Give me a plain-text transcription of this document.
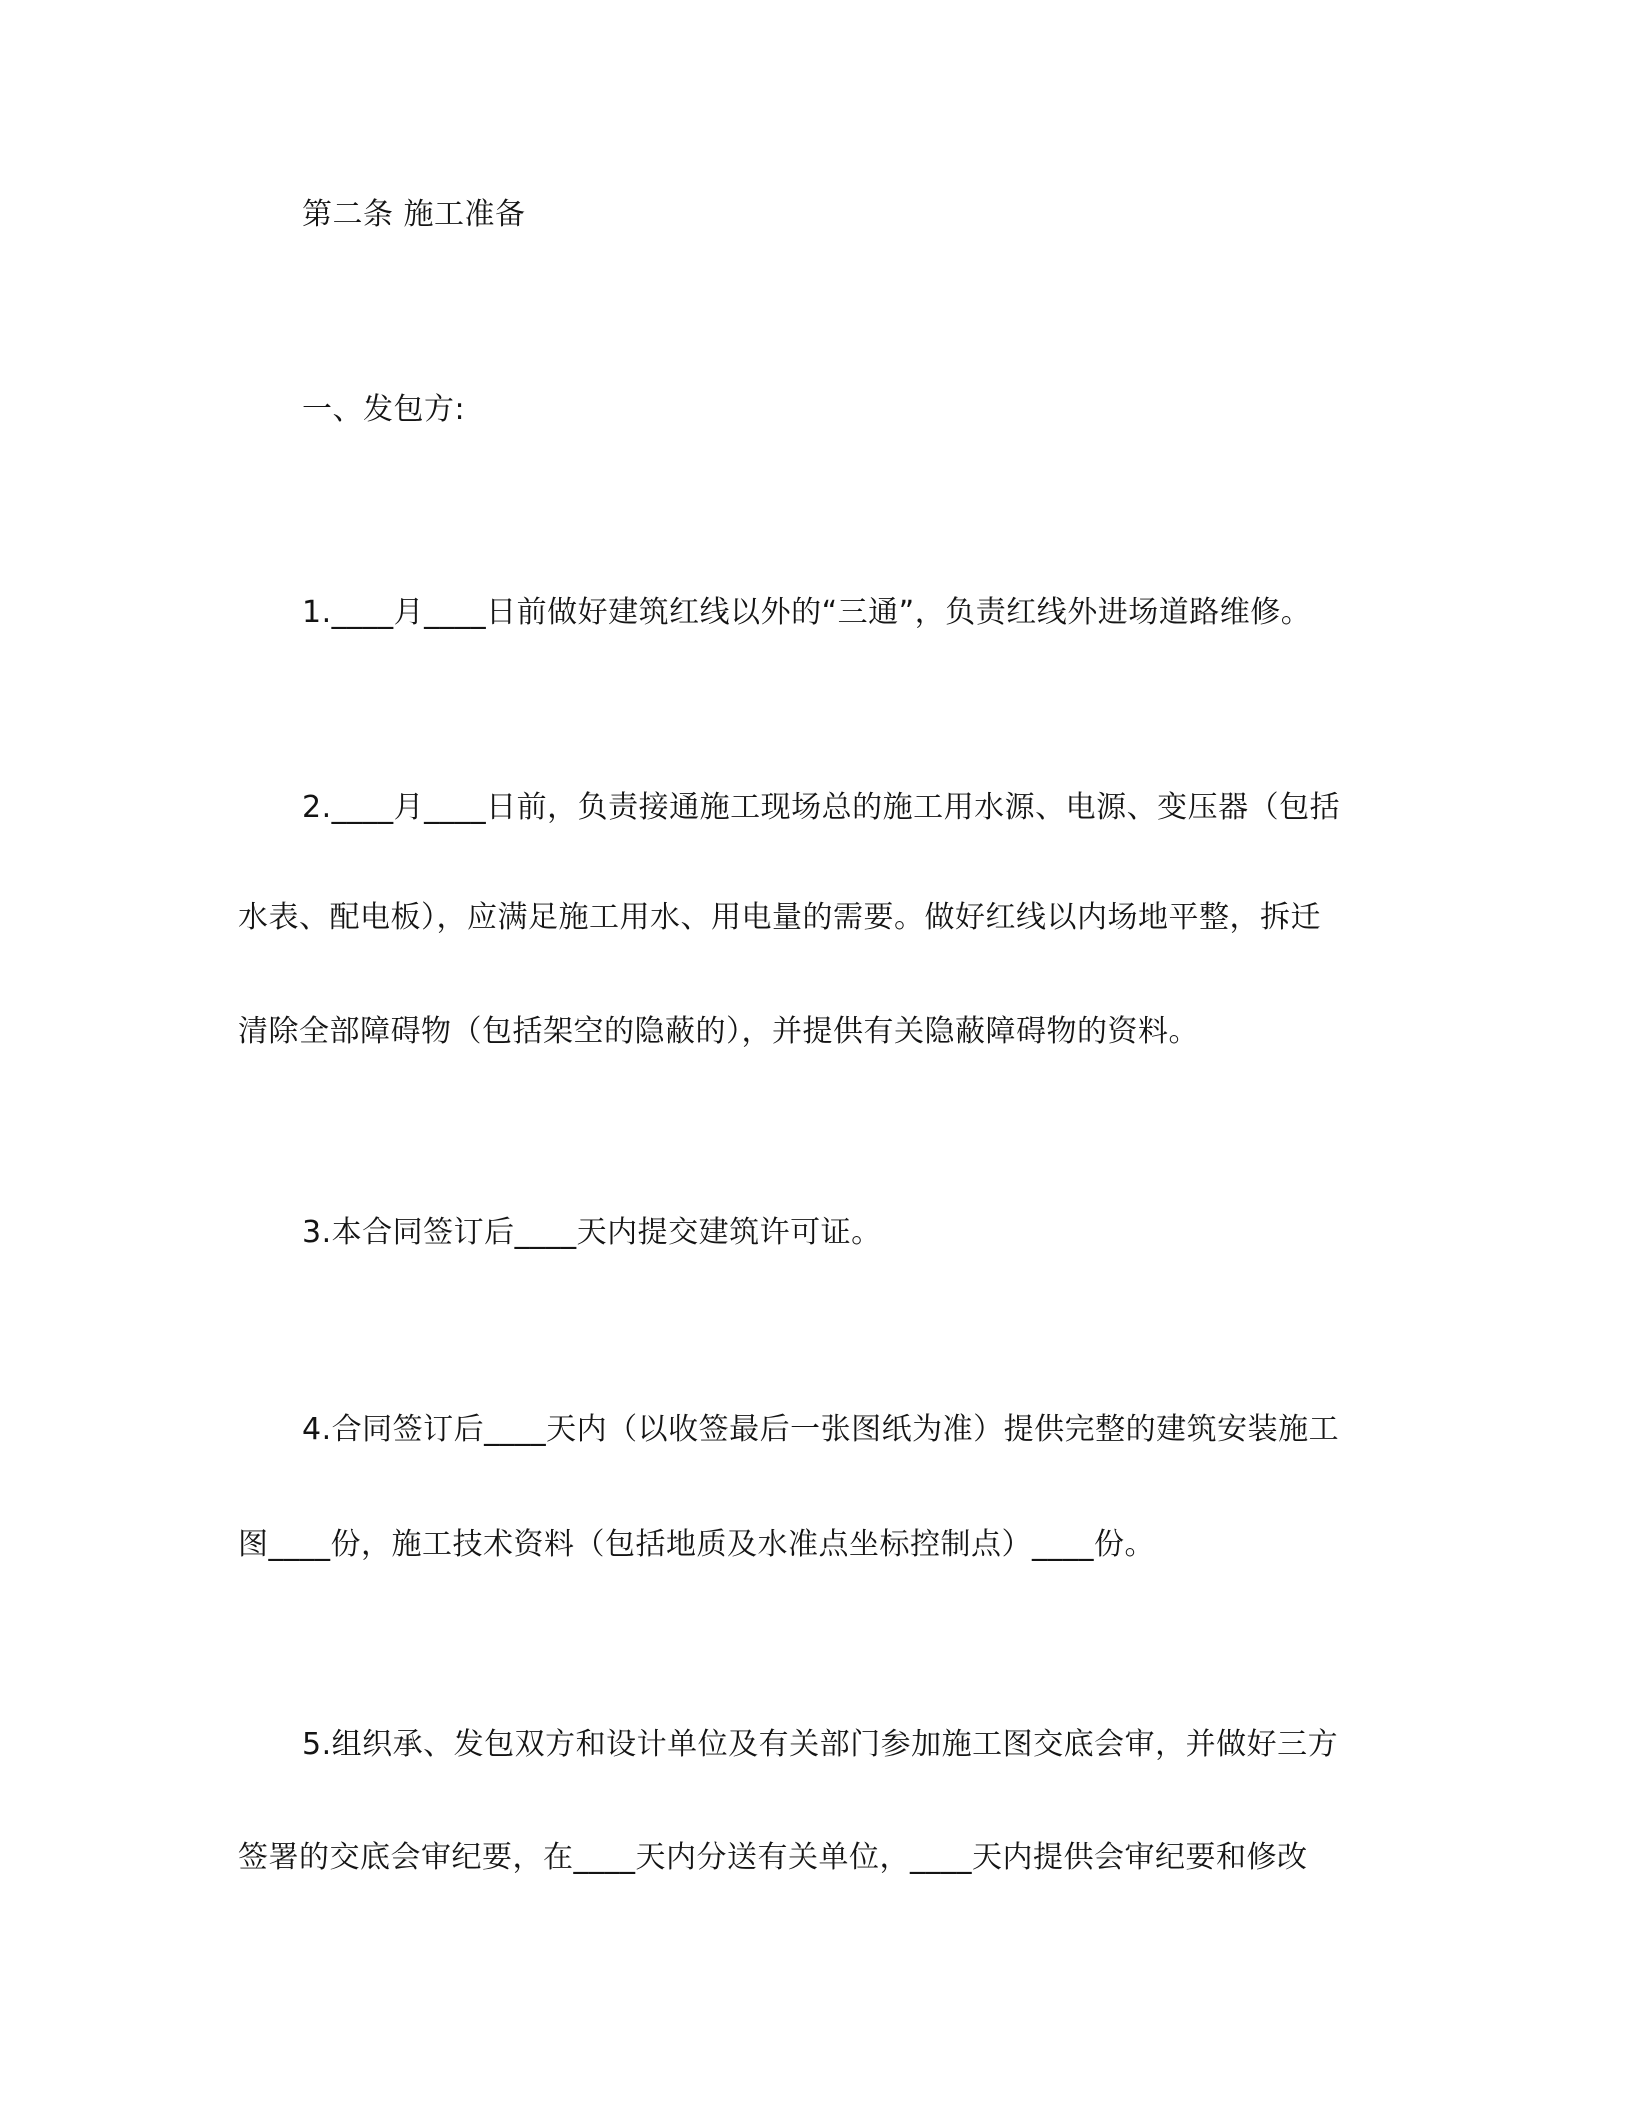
第二条 施工准备

一、发包方:

1.____月____日前做好建筑红线以外的“三通”，负责红线外进场道路维修。

2.____月____日前，负责接通施工现场总的施工用水源、电源、变压器（包括

水表、配电板），应满足施工用水、用电量的需要。做好红线以内场地平整，拆迁

清除全部障碍物（包括架空的隐蔽的），并提供有关隐蔽障碍物的资料。

3.本合同签订后____天内提交建筑许可证。

4.合同签订后____天内（以收签最后一张图纸为准）提供完整的建筑安装施工

图____份，施工技术资料（包括地质及水准点坐标控制点）____份。

5.组织承、发包双方和设计单位及有关部门参加施工图交底会审，并做好三方

签署的交底会审纪要，在____天内分送有关单位，____天内提供会审纪要和修改
